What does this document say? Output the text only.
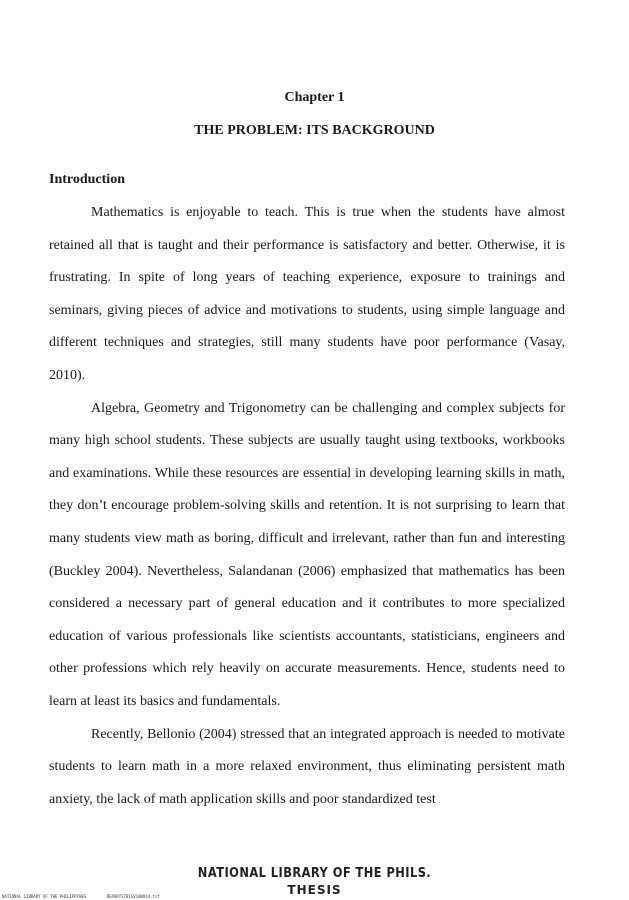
Chapter 1
THE PROBLEM: ITS BACKGROUND
Introduction

Mathematics is enjoyable to teach. This is true when the students have almost retained all that is taught and their performance is satisfactory and better. Otherwise, it is frustrating. In spite of long years of teaching experience, exposure to trainings and seminars, giving pieces of advice and motivations to students, using simple language and different techniques and strategies, still many students have poor performance (Vasay, 2010).

Algebra, Geometry and Trigonometry can be challenging and complex subjects for many high school students. These subjects are usually taught using textbooks, workbooks and examinations. While these resources are essential in developing learning skills in math, they don’t encourage problem-solving skills and retention. It is not surprising to learn that many students view math as boring, difficult and irrelevant, rather than fun and interesting (Buckley 2004). Nevertheless, Salandanan (2006) emphasized that mathematics has been considered a necessary part of general education and it contributes to more specialized education of various professionals like scientists accountants, statisticians, engineers and other professions which rely heavily on accurate measurements. Hence, students need to learn at least its basics and fundamentals.

Recently, Bellonio (2004) stressed that an integrated approach is needed to motivate students to learn math in a more relaxed environment, thus eliminating persistent math anxiety, the lack of math application skills and poor standardized test

NATIONAL LIBRARY OF THE PHILS.
THESIS
NATIONAL LIBRARY OF THE PHILIPPINES	REPORTSTB1SV1AN914.tif
